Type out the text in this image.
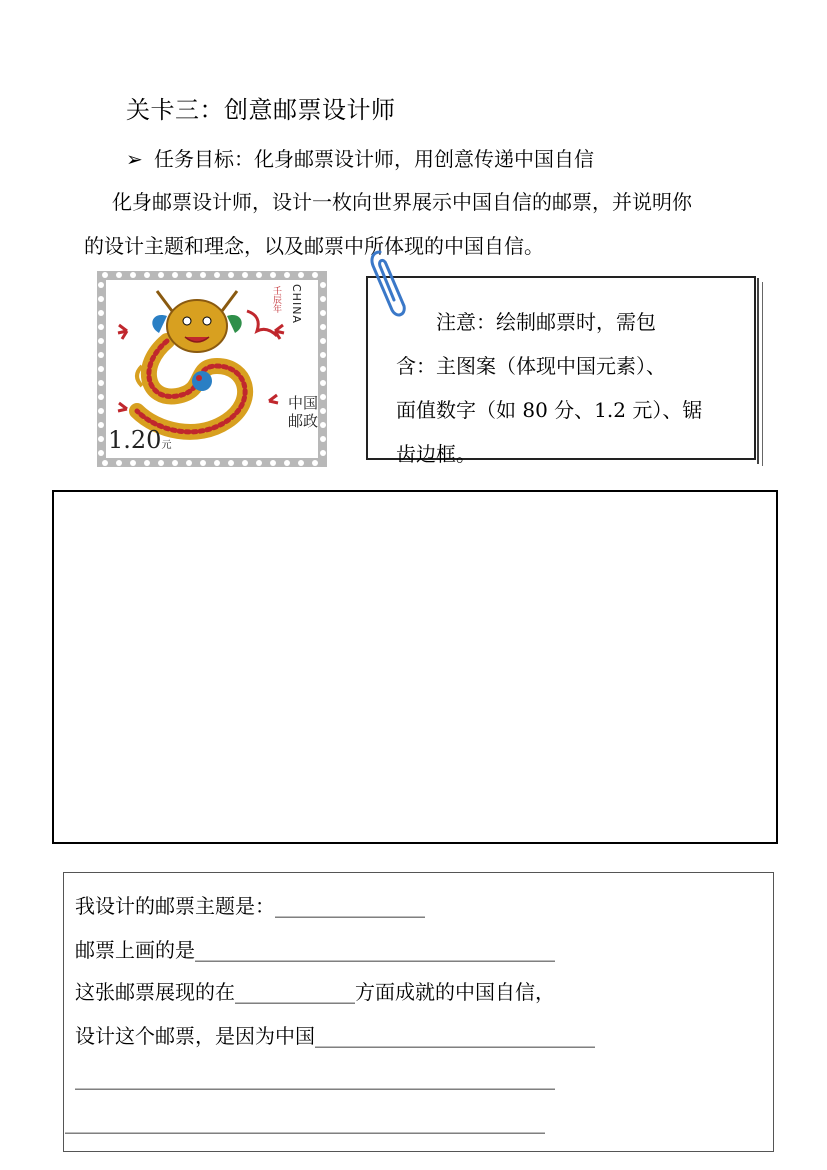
关卡三：创意邮票设计师
➢ 任务目标：化身邮票设计师，用创意传递中国自信
化身邮票设计师，设计一枚向世界展示中国自信的邮票，并说明你
的设计主题和理念，以及邮票中所体现的中国自信。
CHINA
壬辰年
中国邮政
1.20元
注意：绘制邮票时，需包
含：主图案（体现中国元素）、
面值数字（如 80 分、1.2 元）、锯
齿边框。
我设计的邮票主题是：_______________
邮票上画的是____________________________________
这张邮票展现的在____________方面成就的中国自信，
设计这个邮票，是因为中国____________________________
________________________________________________
________________________________________________
